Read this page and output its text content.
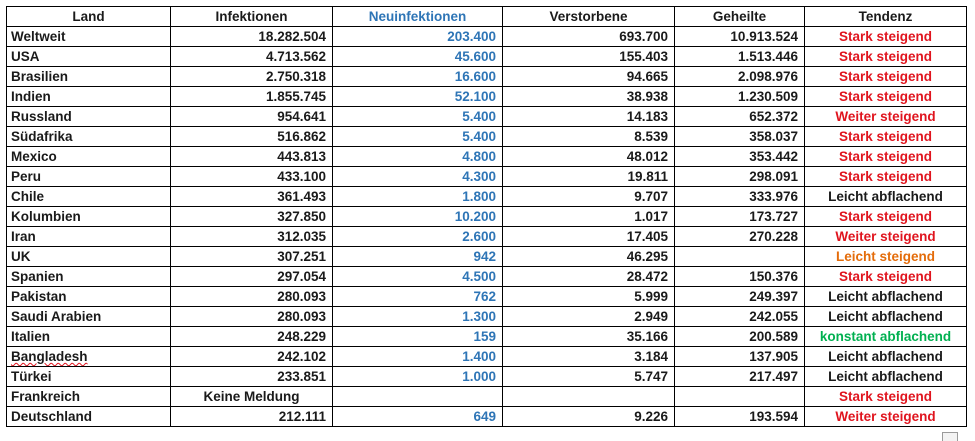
Land	Infektionen	Neuinfektionen	Verstorbene	Geheilte	Tendenz
Weltweit	18.282.504	203.400	693.700	10.913.524	Stark steigend
USA	4.713.562	45.600	155.403	1.513.446	Stark steigend
Brasilien	2.750.318	16.600	94.665	2.098.976	Stark steigend
Indien	1.855.745	52.100	38.938	1.230.509	Stark steigend
Russland	954.641	5.400	14.183	652.372	Weiter steigend
Südafrika	516.862	5.400	8.539	358.037	Stark steigend
Mexico	443.813	4.800	48.012	353.442	Stark steigend
Peru	433.100	4.300	19.811	298.091	Stark steigend
Chile	361.493	1.800	9.707	333.976	Leicht abflachend
Kolumbien	327.850	10.200	1.017	173.727	Stark steigend
Iran	312.035	2.600	17.405	270.228	Weiter steigend
UK	307.251	942	46.295		Leicht steigend
Spanien	297.054	4.500	28.472	150.376	Stark steigend
Pakistan	280.093	762	5.999	249.397	Leicht abflachend
Saudi Arabien	280.093	1.300	2.949	242.055	Leicht abflachend
Italien	248.229	159	35.166	200.589	konstant abflachend
Bangladesh	242.102	1.400	3.184	137.905	Leicht abflachend
Türkei	233.851	1.000	5.747	217.497	Leicht abflachend
Frankreich	Keine Meldung				Stark steigend
Deutschland	212.111	649	9.226	193.594	Weiter steigend
